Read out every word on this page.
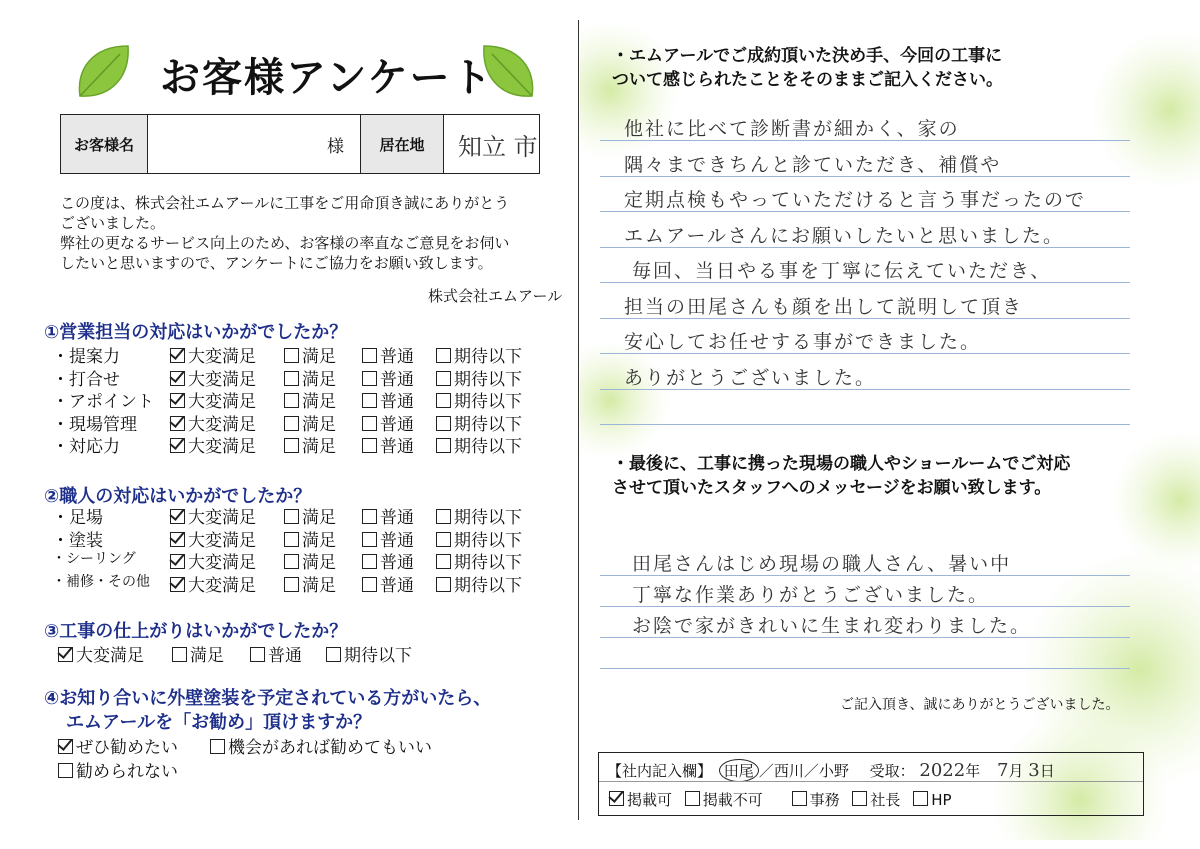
お客様アンケート
お客様名	様	居在地	知立 市
この度は、株式会社エムアールに工事をご用命頂き誠にありがとう
ございました。
弊社の更なるサービス向上のため、お客様の率直なご意見をお伺い
したいと思いますので、アンケートにご協力をお願い致します。
株式会社エムアール
①営業担当の対応はいかがでしたか？
・提案力	大変満足	満足	普通	期待以下
・打合せ	大変満足	満足	普通	期待以下
・アポイント	大変満足	満足	普通	期待以下
・現場管理	大変満足	満足	普通	期待以下
・対応力	大変満足	満足	普通	期待以下
②職人の対応はいかがでしたか？
・足場	大変満足	満足	普通	期待以下
・塗装	大変満足	満足	普通	期待以下
・シーリング	大変満足	満足	普通	期待以下
・補修・その他	大変満足	満足	普通	期待以下
③工事の仕上がりはいかがでしたか？
大変満足	満足	普通	期待以下
④お知り合いに外壁塗装を予定されている方がいたら、
エムアールを「お勧め」頂けますか？
ぜひ勧めたい	機会があれば勧めてもいい
勧められない
・エムアールでご成約頂いた決め手、今回の工事に
ついて感じられたことをそのままご記入ください。
他社に比べて診断書が細かく、家の
隅々まできちんと診ていただき、補償や
定期点検もやっていただけると言う事だったので
エムアールさんにお願いしたいと思いました。
毎回、当日やる事を丁寧に伝えていただき、
担当の田尾さんも顔を出して説明して頂き
安心してお任せする事ができました。
ありがとうございました。
・最後に、工事に携った現場の職人やショールームでご対応
させて頂いたスタッフへのメッセージをお願い致します。
田尾さんはじめ現場の職人さん、暑い中
丁寧な作業ありがとうございました。
お陰で家がきれいに生まれ変わりました。
ご記入頂き、誠にありがとうございました。
【社内記入欄】 田尾 ／西川／小野 受取： 2022年 7月 3日
掲載可 掲載不可	事務 社長 HP
